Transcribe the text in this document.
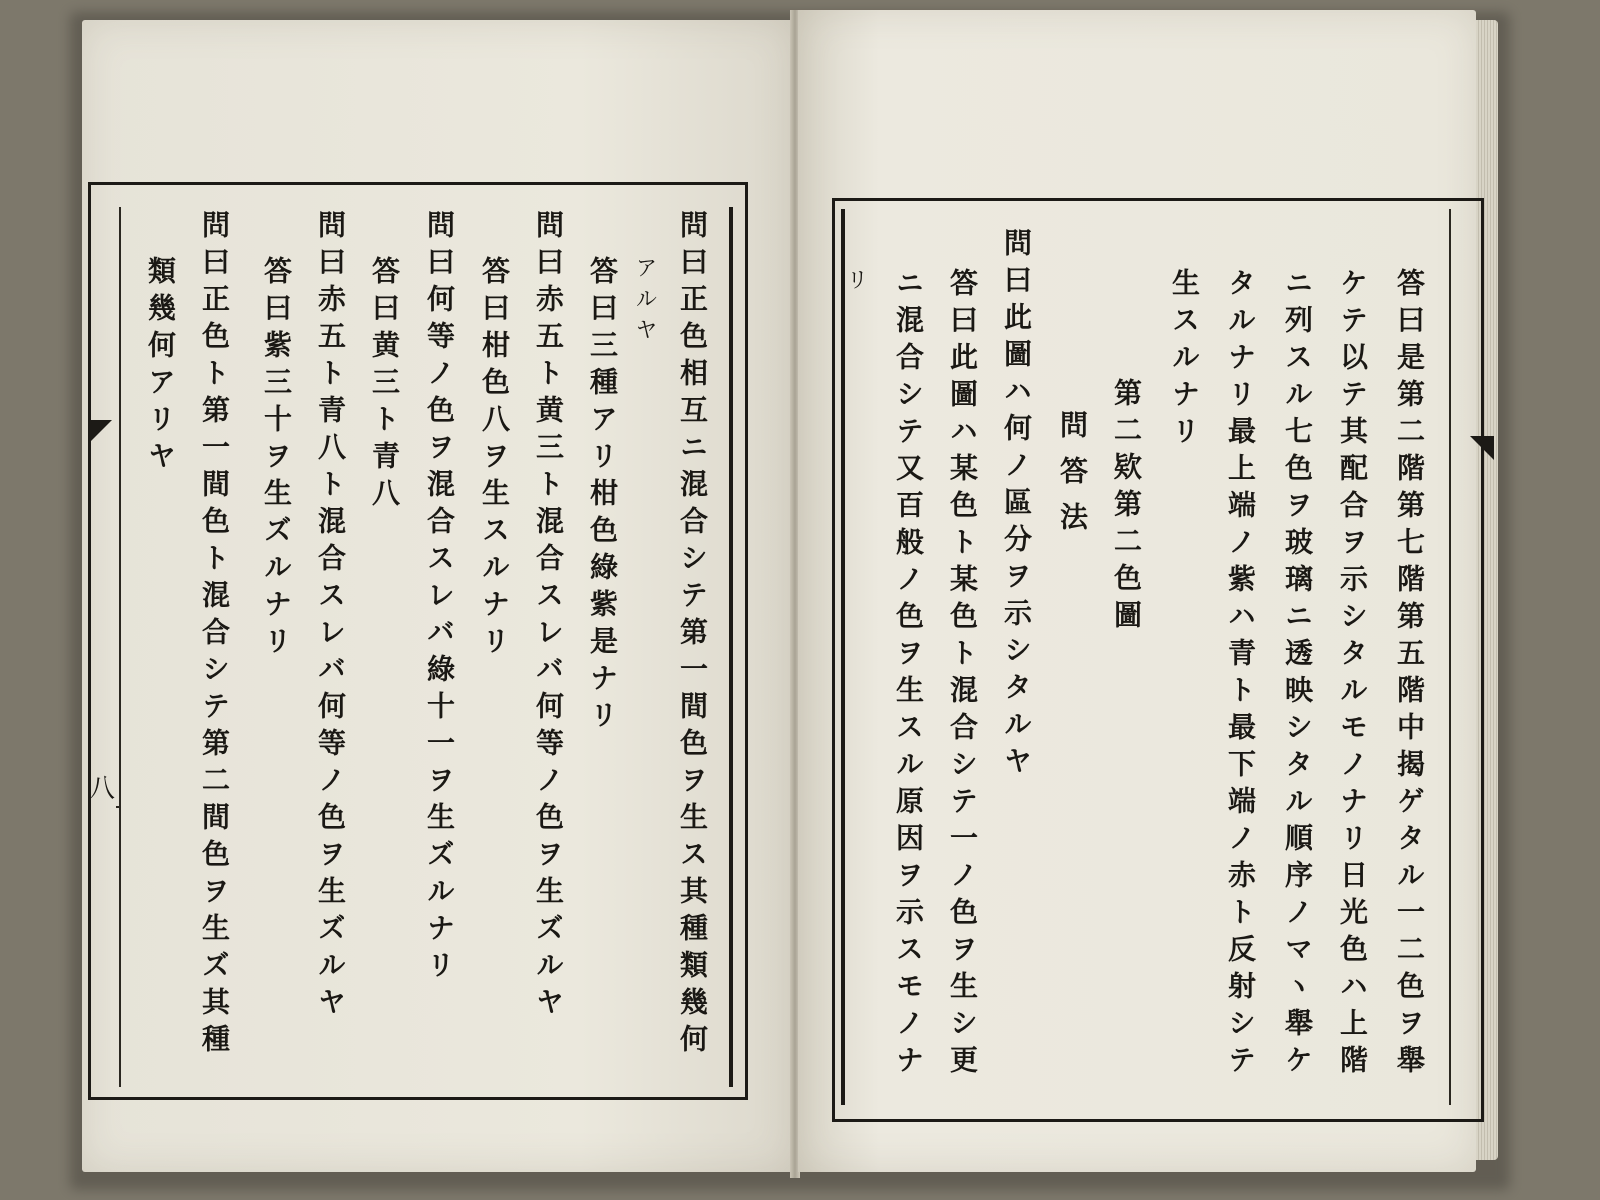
八
　　　　　　　　	問曰正色相互ニ混合シテ第一間色ヲ生ス其種類幾何
アルヤ
答曰三種アリ柑色綠紫是ナリ
問曰赤五ト黄三ト混合スレバ何等ノ色ヲ生ズルヤ
答曰柑色八ヲ生スルナリ
問曰何等ノ色ヲ混合スレバ綠十一ヲ生ズルナリ
答曰黄三ト青八
問曰赤五ト青八ト混合スレバ何等ノ色ヲ生ズルヤ
答曰紫三十ヲ生ズルナリ
問曰正色ト第一間色ト混合シテ第二間色ヲ生ズ其種
類幾何アリヤ	答曰是第二階第七階第五階中揭ゲタル一二色ヲ舉
ケテ以テ其配合ヲ示シタルモノナリ日光色ハ上階
ニ列スル七色ヲ玻璃ニ透映シタル順序ノマヽ舉ケ
タルナリ最上端ノ紫ハ青ト最下端ノ赤ト反射シテ
生スルナリ
第二欵第二色圖
問答法
問曰此圖ハ何ノ區分ヲ示シタルヤ
答曰此圖ハ某色ト某色ト混合シテ一ノ色ヲ生シ更
ニ混合シテ又百般ノ色ヲ生スル原因ヲ示スモノナ
リ
